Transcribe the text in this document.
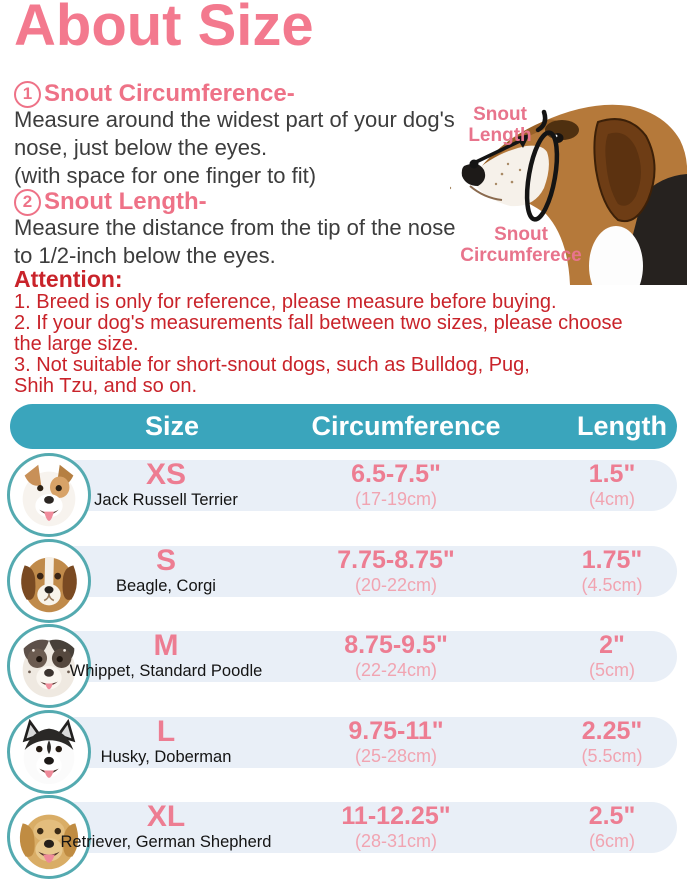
About Size
1 Snout Circumference-
Measure around the widest part of your dog's
nose, just below the eyes.
(with space for one finger to fit)
2 Snout Length-
Measure the distance from the tip of the nose
to 1/2-inch below the eyes.
Attention:
1. Breed is only for reference, please measure before buying.
2. If your dog's measurements fall between two sizes, please choose
the large size.
3. Not suitable for short-snout dogs, such as Bulldog, Pug,
Shih Tzu, and so on.
Snout Length
Snout Circumferece
Size	Circumference	Length
XS
Jack Russell Terrier
6.5-7.5"
(17-19cm)
1.5"
(4cm)
S
Beagle, Corgi
7.75-8.75"
(20-22cm)
1.75"
(4.5cm)
M
Whippet, Standard Poodle
8.75-9.5"
(22-24cm)
2"
(5cm)
L
Husky, Doberman
9.75-11"
(25-28cm)
2.25"
(5.5cm)
XL
Retriever, German Shepherd
11-12.25"
(28-31cm)
2.5"
(6cm)
